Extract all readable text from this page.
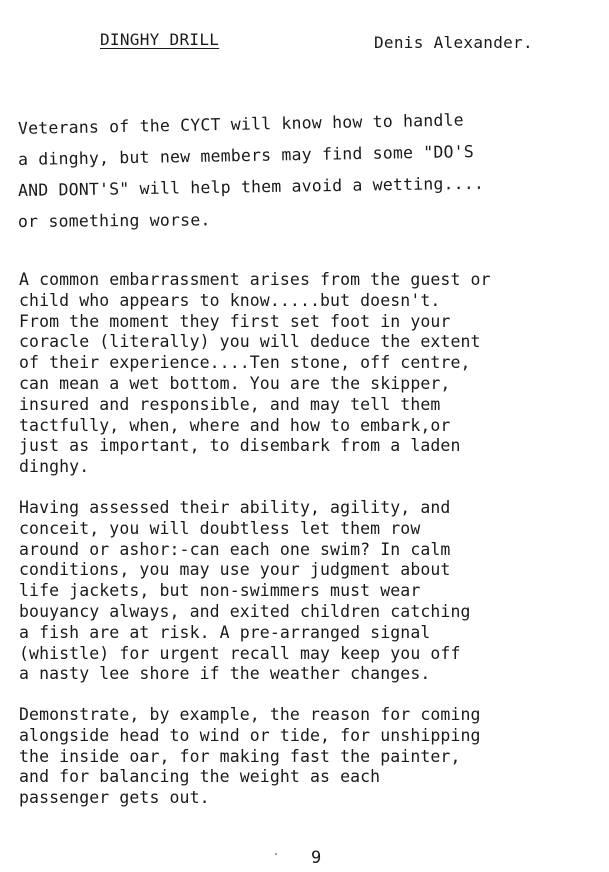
DINGHY DRILL	Denis Alexander.
Veterans of the CYCT will know how to handle
a dinghy, but new members may find some "DO'S
AND DONT'S" will help them avoid a wetting....
or something worse.
A common embarrassment arises from the guest or
child who appears to know.....but doesn't.
From the moment they first set foot in your
coracle (literally) you will deduce the extent
of their experience....Ten stone, off centre,
can mean a wet bottom. You are the skipper,
insured and responsible, and may tell them
tactfully, when, where and how to embark,or
just as important, to disembark from a laden
dinghy.
Having assessed their ability, agility, and
conceit, you will doubtless let them row
around or ashor:-can each one swim? In calm
conditions, you may use your judgment about
life jackets, but non-swimmers must wear
bouyancy always, and exited children catching
a fish are at risk. A pre-arranged signal
(whistle) for urgent recall may keep you off
a nasty lee shore if the weather changes.
Demonstrate, by example, the reason for coming
alongside head to wind or tide, for unshipping
the inside oar, for making fast the painter,
and for balancing the weight as each
passenger gets out.
9
